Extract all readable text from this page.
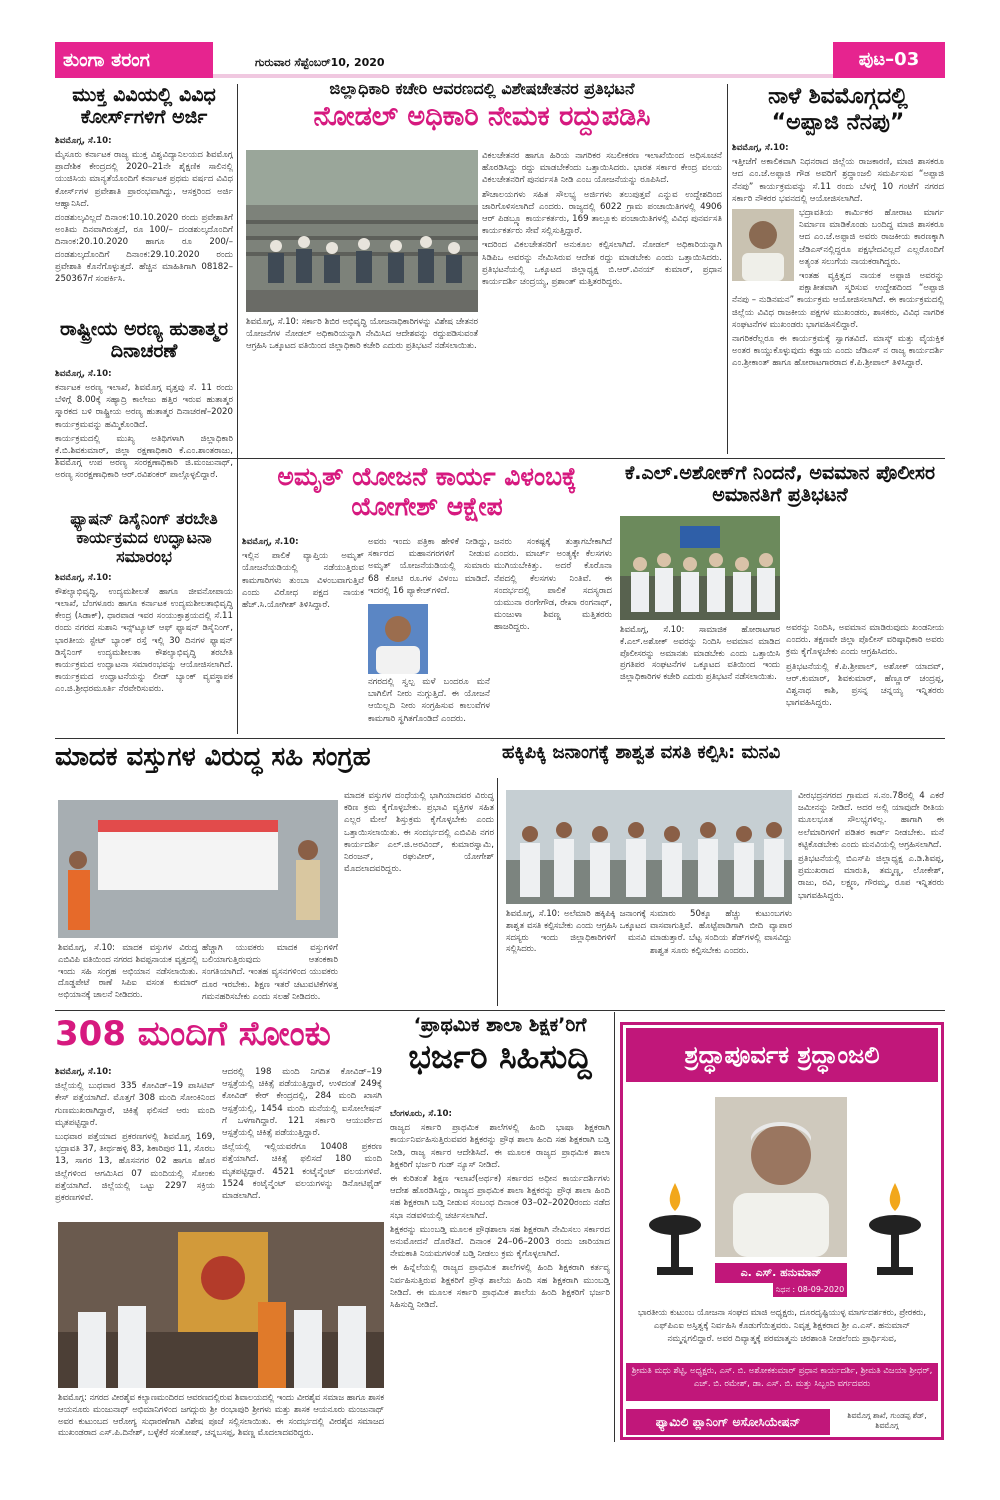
ತುಂಗಾ ತರಂಗ	ಗುರುವಾರ ಸೆಪ್ಟೆಂಬರ್10, 2020	ಪುಟ–03
ಮುಕ್ತ ವಿವಿಯಲ್ಲಿ ವಿವಿಧ ಕೋರ್ಸ್‌ಗಳಿಗೆ ಅರ್ಜಿ

ಶಿವಮೊಗ್ಗ, ಸೆ.10:

ಮೈಸೂರು ಕರ್ನಾಟಕ ರಾಜ್ಯ ಮುಕ್ತ ವಿಶ್ವವಿದ್ಯಾನಿಲಯದ ಶಿವಮೊಗ್ಗ ಪ್ರಾದೇಶಿಕ ಕೇಂದ್ರದಲ್ಲಿ 2020–21ನೇ ಶೈಕ್ಷಣಿಕ ಸಾಲಿನಲ್ಲಿ ಯುಜಿಸಿಯ ಮಾನ್ಯತೆಯೊಂದಿಗೆ ಕರ್ನಾಟಕ ಪ್ರಥಮ ವರ್ಷದ ವಿವಿಧ ಕೋರ್ಸ್‌ಗಳ ಪ್ರವೇಶಾತಿ ಪ್ರಾರಂಭವಾಗಿದ್ದು, ಆಸಕ್ತರಿಂದ ಅರ್ಜಿ ಆಹ್ವಾನಿಸಿದೆ.

ದಂಡಶುಲ್ಕವಿಲ್ಲದೆ ದಿನಾಂಕ:10.10.2020 ರಂದು ಪ್ರವೇಶಾತಿಗೆ ಅಂತಿಮ ದಿನವಾಗಿರುತ್ತದೆ, ರೂ 100/– ದಂಡಶುಲ್ಕದೊಂದಿಗೆ ದಿನಾಂಕ:20.10.2020 ಹಾಗೂ ರೂ 200/– ದಂಡಶುಲ್ಕದೊಂದಿಗೆ ದಿನಾಂಕ:29.10.2020 ರಂದು ಪ್ರವೇಶಾತಿ ಕೊನೆಗೊಳ್ಳುತ್ತದೆ. ಹೆಚ್ಚಿನ ಮಾಹಿತಿಗಾಗಿ 08182–250367ಗೆ ಸಂಪರ್ಕಿಸಿ.

ರಾಷ್ಟ್ರೀಯ ಅರಣ್ಯ ಹುತಾತ್ಮರ ದಿನಾಚರಣೆ

ಶಿವಮೊಗ್ಗ, ಸೆ.10:

ಕರ್ನಾಟಕ ಅರಣ್ಯ ಇಲಾಖೆ, ಶಿವಮೊಗ್ಗ ವೃತ್ತವು ಸೆ. 11 ರಂದು ಬೆಳಿಗ್ಗೆ 8.00ಕ್ಕೆ ಸಹ್ಯಾದ್ರಿ ಕಾಲೇಜು ಹತ್ತಿರ ಇರುವ ಹುತಾತ್ಮರ ಸ್ಮಾರಕದ ಬಳಿ ರಾಷ್ಟ್ರೀಯ ಅರಣ್ಯ ಹುತಾತ್ಮರ ದಿನಾಚರಣೆ–2020 ಕಾರ್ಯಕ್ರಮವನ್ನು ಹಮ್ಮಿಕೊಂಡಿದೆ.

ಕಾರ್ಯಕ್ರಮದಲ್ಲಿ ಮುಖ್ಯ ಅತಿಥಿಗಳಾಗಿ ಜಿಲ್ಲಾಧಿಕಾರಿ ಕೆ.ಬಿ.ಶಿವಕುಮಾರ್, ಜಿಲ್ಲಾ ರಕ್ಷಣಾಧಿಕಾರಿ ಕೆ.ಎಂ.ಶಾಂತರಾಜು, ಶಿವಮೊಗ್ಗ ಉಪ ಅರಣ್ಯ ಸಂರಕ್ಷಣಾಧಿಕಾರಿ ಜಿ.ಮಂಜುನಾಥ್, ಅರಣ್ಯ ಸಂರಕ್ಷಣಾಧಿಕಾರಿ ಆರ್.ರವಿಶಂಕರ್ ಪಾಲ್ಗೊಳ್ಳಲಿದ್ದಾರೆ.

ಫ್ಯಾಷನ್ ಡಿಸೈನಿಂಗ್ ತರಬೇತಿ ಕಾರ್ಯಕ್ರಮದ ಉದ್ಘಾಟನಾ ಸಮಾರಂಭ

ಶಿವಮೊಗ್ಗ, ಸೆ.10:

ಕೌಶಲ್ಯಾಭಿವೃದ್ಧಿ, ಉದ್ಯಮಶೀಲತೆ ಹಾಗೂ ಜೀವನೋಪಾಯ ಇಲಾಖೆ, ಬೆಂಗಳೂರು ಹಾಗೂ ಕರ್ನಾಟಕ ಉದ್ಯಮಶೀಲತಾಭಿವೃದ್ಧಿ ಕೇಂದ್ರ (ಸಿಡಾಕ್), ಧಾರವಾಡ ಇವರ ಸಂಯುಕ್ತಾಶ್ರಯದಲ್ಲಿ ಸೆ.11 ರಂದು ನಗರದ ಸುಶಾನಿ ಇನ್ಸ್‌ಟ್ಯೂಟ್ ಆಫ್ ಫ್ಯಾಷನ್ ಡಿಸೈನಿಂಗ್, ಭಾರತೀಯ ಸ್ಟೇಟ್ ಬ್ಯಾಂಕ್ ರಸ್ತೆ ಇಲ್ಲಿ 30 ದಿನಗಳ ಫ್ಯಾಷನ್ ಡಿಸೈನಿಂಗ್ ಉದ್ಯಮಶೀಲತಾ ಕೌಶಲ್ಯಾಭಿವೃದ್ಧಿ ತರಬೇತಿ ಕಾರ್ಯಕ್ರಮದ ಉದ್ಘಾಟನಾ ಸಮಾರಂಭವನ್ನು ಆಯೋಜಿಸಲಾಗಿದೆ. ಕಾರ್ಯಕ್ರಮದ ಉದ್ಘಾಟನೆಯನ್ನು ಲೀಡ್ ಬ್ಯಾಂಕ್ ವ್ಯವಸ್ಥಾಪಕ ಎಂ.ಜಿ.ಶ್ರೀಧರಮೂರ್ತಿ ನೆರವೇರಿಸುವರು.

ಜಿಲ್ಲಾಧಿಕಾರಿ ಕಚೇರಿ ಆವರಣದಲ್ಲಿ ವಿಶೇಷಚೇತನರ ಪ್ರತಿಭಟನೆ
ನೋಡಲ್ ಅಧಿಕಾರಿ ನೇಮಕ ರದ್ದುಪಡಿಸಿ
ಶಿವಮೊಗ್ಗ, ಸೆ.10: ಸರ್ಕಾರಿ ಶಿಬಿರ ಅಭಿವೃದ್ಧಿ ಯೋಜನಾಧಿಕಾರಿಗಳನ್ನು ವಿಶೇಷ ಚೇತನರ ಯೋಜನೆಗಳ ನೋಡಲ್ ಅಧಿಕಾರಿಯನ್ನಾಗಿ ನೇಮಿಸಿದ ಆದೇಶವನ್ನು ರದ್ದುಪಡಿಸುವಂತೆ ಆಗ್ರಹಿಸಿ ಒಕ್ಕೂಟದ ವತಿಯಿಂದ ಜಿಲ್ಲಾಧಿಕಾರಿ ಕಚೇರಿ ಎದುರು ಪ್ರತಿಭಟನೆ ನಡೆಸಲಾಯಿತು.

ವಿಕಲಚೇತನರ ಹಾಗೂ ಹಿರಿಯ ನಾಗರಿಕರ ಸಬಲೀಕರಣ ಇಲಾಖೆಯಿಂದ ಅಧಿಸೂಚನೆ ಹೊರಡಿಸಿದ್ದು ರದ್ದು ಮಾಡಬೇಕೆಂದು ಒತ್ತಾಯಿಸಿದರು. ಭಾರತ ಸರ್ಕಾರ ಕೇಂದ್ರ ವಲಯ ವಿಕಲಚೇತನರಿಗೆ ಪುನರ್ವಸತಿ ನೀಡಿ ಎಂಬ ಯೋಜನೆಯನ್ನು ರೂಪಿಸಿದೆ.

ಶೌಚಾಲಯಗಳು ಸಹಿತ ಸೌಲಭ್ಯ ಅರ್ಜಿಗಳು ತಲುಪುತ್ತವೆ ಎನ್ನುವ ಉದ್ದೇಶದಿಂದ ಜಾರಿಗೊಳಿಸಲಾಗಿದೆ ಎಂದರು. ರಾಜ್ಯದಲ್ಲಿ 6022 ಗ್ರಾಮ ಪಂಚಾಯಿತಿಗಳಲ್ಲಿ 4906 ಆರ್ ಪಿಡಬ್ಲ್ಯೂ ಕಾರ್ಯಕರ್ತರು, 169 ತಾಲ್ಲೂಕು ಪಂಚಾಯಿತಿಗಳಲ್ಲಿ ವಿವಿಧ ಪುನರ್ವಸತಿ ಕಾರ್ಯಕರ್ತರು ಸೇವೆ ಸಲ್ಲಿಸುತ್ತಿದ್ದಾರೆ.

ಇದರಿಂದ ವಿಕಲಚೇತನರಿಗೆ ಅನುಕೂಲ ಕಲ್ಪಿಸಲಾಗಿದೆ. ನೋಡಲ್ ಅಧಿಕಾರಿಯನ್ನಾಗಿ ಸಿಡಿಪಿಒ ಅವರನ್ನು ನೇಮಿಸಿರುವ ಆದೇಶ ರದ್ದು ಮಾಡಬೇಕು ಎಂದು ಒತ್ತಾಯಿಸಿದರು. ಪ್ರತಿಭಟನೆಯಲ್ಲಿ ಒಕ್ಕೂಟದ ಜಿಲ್ಲಾಧ್ಯಕ್ಷ ಬಿ.ಆರ್.ವಿನಯ್ ಕುಮಾರ್, ಪ್ರಧಾನ ಕಾರ್ಯದರ್ಶಿ ಚಂದ್ರಯ್ಯ, ಪ್ರಶಾಂತ್ ಮತ್ತಿತರರಿದ್ದರು.

ನಾಳೆ ಶಿವಮೊಗ್ಗದಲ್ಲಿ “ಅಪ್ಪಾಜಿ ನೆನಪು”

ಶಿವಮೊಗ್ಗ, ಸೆ.10:

ಇತ್ತೀಚೆಗೆ ಅಕಾಲಿಕವಾಗಿ ನಿಧನರಾದ ಜಿಲ್ಲೆಯ ರಾಜಕಾರಣಿ, ಮಾಜಿ ಶಾಸಕರೂ ಆದ ಎಂ.ಜೆ.ಅಪ್ಪಾಜಿ ಗೌಡ ಅವರಿಗೆ ಶ್ರದ್ಧಾಂಜಲಿ ಸಮರ್ಪಿಸುವ “ಅಪ್ಪಾಜಿ ನೆನಪು” ಕಾರ್ಯಕ್ರಮವನ್ನು ಸೆ.11 ರಂದು ಬೆಳಗ್ಗೆ 10 ಗಂಟೆಗೆ ನಗರದ ಸರ್ಕಾರಿ ನೌಕರರ ಭವನದಲ್ಲಿ ಆಯೋಜಿಸಲಾಗಿದೆ.

ಭದ್ರಾವತಿಯ ಕಾರ್ಮಿಕರ ಹೋರಾಟ ಮಾರ್ಗ ನಿರ್ಮಾಣ ಮಾಡಿಕೊಂಡು ಬಂದಿದ್ದ ಮಾಜಿ ಶಾಸಕರೂ ಆದ ಎಂ.ಜೆ.ಅಪ್ಪಾಜಿ ಅವರು ರಾಜಕೀಯ ಕಾರಣಕ್ಕಾಗಿ ಜೆಡಿಎಸ್‌ನಲ್ಲಿದ್ದರೂ ಪಕ್ಷಭೇದವಿಲ್ಲದೆ ಎಲ್ಲರೊಂದಿಗೆ ಅತ್ಯಂತ ಸಲುಗೆಯ ನಾಯಕರಾಗಿದ್ದರು.

ಇಂತಹ ವ್ಯಕ್ತಿತ್ವದ ನಾಯಕ ಅಪ್ಪಾಜಿ ಅವರನ್ನು ಪಕ್ಷಾತೀತವಾಗಿ ಸ್ಮರಿಸುವ ಉದ್ದೇಶದಿಂದ “ಅಪ್ಪಾಜಿ ನೆನಪು – ನುಡಿನಮನ” ಕಾರ್ಯಕ್ರಮ ಆಯೋಜಿಸಲಾಗಿದೆ. ಈ ಕಾರ್ಯಕ್ರಮದಲ್ಲಿ ಜಿಲ್ಲೆಯ ವಿವಿಧ ರಾಜಕೀಯ ಪಕ್ಷಗಳ ಮುಖಂಡರು, ಶಾಸಕರು, ವಿವಿಧ ನಾಗರಿಕ ಸಂಘಟನೆಗಳ ಮುಖಂಡರು ಭಾಗವಹಿಸಲಿದ್ದಾರೆ.

ನಾಗರಿಕರೆಲ್ಲರೂ ಈ ಕಾರ್ಯಕ್ರಮಕ್ಕೆ ಸ್ವಾಗತವಿದೆ. ಮಾಸ್ಕ್ ಮತ್ತು ವೈಯಕ್ತಿಕ ಅಂತರ ಕಾಯ್ದುಕೊಳ್ಳುವುದು ಕಡ್ಡಾಯ ಎಂದು ಜೆಡಿಎಸ್ ನ ರಾಜ್ಯ ಕಾರ್ಯದರ್ಶಿ ಎಂ.ಶ್ರೀಕಾಂತ್ ಹಾಗೂ ಹೋರಾಟಗಾರರಾದ ಕೆ.ಪಿ.ಶ್ರೀಪಾಲ್ ತಿಳಿಸಿದ್ದಾರೆ.

ಅಮೃತ್ ಯೋಜನೆ ಕಾರ್ಯ ವಿಳಂಬಕ್ಕೆ ಯೋಗೇಶ್ ಆಕ್ಷೇಪ

ಶಿವಮೊಗ್ಗ, ಸೆ.10:

ಇಲ್ಲಿನ ಪಾಲಿಕೆ ವ್ಯಾಪ್ತಿಯ ಅಮೃತ್ ಯೋಜನೆಯಡಿಯಲ್ಲಿ ನಡೆಯುತ್ತಿರುವ ಕಾಮಗಾರಿಗಳು ತುಂಬಾ ವಿಳಂಬವಾಗುತ್ತಿವೆ ಎಂದು ವಿರೋಧ ಪಕ್ಷದ ನಾಯಕ ಹೆಚ್.ಸಿ.ಯೋಗೀಶ್ ತಿಳಿಸಿದ್ದಾರೆ.

ಅವರು ಇಂದು ಪತ್ರಿಕಾ ಹೇಳಿಕೆ ನೀಡಿದ್ದು, ಸರ್ಕಾರದ ಮಹಾನಗರಗಳಿಗೆ ನೀಡುವ ಅಮೃತ್ ಯೋಜನೆಯಡಿಯಲ್ಲಿ ಸುಮಾರು 68 ಕೋಟಿ ರೂ.ಗಳ ವಿಳಂಬ ಮಾಡಿದೆ. ಇದರಲ್ಲಿ 16 ಪ್ಯಾಕೇಜ್‌ಗಳಿದೆ.

ನಗರದಲ್ಲಿ ಸ್ವಲ್ಪ ಮಳೆ ಬಂದರೂ ಮನೆ ಬಾಗಿಲಿಗೆ ನೀರು ನುಗ್ಗುತ್ತಿದೆ. ಈ ಯೋಜನೆ ಆಯಿಲ್ಲದಿ ನೀರು ಸಂಗ್ರಹಿಸುವ ಕಾಲುವೆಗಳ ಕಾಮಗಾರಿ ಸ್ಥಗಿತಗೊಂಡಿದೆ ಎಂದರು.

ಜನರು ಸಂಕಷ್ಟಕ್ಕೆ ತುತ್ತಾಗಬೇಕಾಗಿದೆ ಎಂದರು. ಮಾರ್ಚ್ ಅಂತ್ಯಕ್ಕೇ ಕೆಲಸಗಳು ಮುಗಿಯಬೇಕಿತ್ತು. ಅದರೆ ಕೊರೊನಾ ನೆಪದಲ್ಲಿ ಕೆಲಸಗಳು ನಿಂತಿವೆ. ಈ ಸಂದರ್ಭದಲ್ಲಿ ಪಾಲಿಕೆ ಸದಸ್ಯರಾದ ಯಮುನಾ ರಂಗೇಗೌಡ, ರೇಖಾ ರಂಗನಾಥ್, ಮಂಜುಳಾ ಶಿವಣ್ಣ ಮತ್ತಿತರರು ಹಾಜರಿದ್ದರು.

ಕೆ.ಎಲ್.ಅಶೋಕ್‌ಗೆ ನಿಂದನೆ, ಅವಮಾನ ಪೊಲೀಸರ ಅಮಾನತಿಗೆ ಪ್ರತಿಭಟನೆ
ಶಿವಮೊಗ್ಗ, ಸೆ.10: ಸಾಮಾಜಿಕ ಹೋರಾಟಗಾರ ಕೆ.ಎಲ್.ಅಶೋಕ್ ಅವರನ್ನು ನಿಂದಿಸಿ ಅವಮಾನ ಮಾಡಿದ ಪೊಲೀಸರನ್ನು ಅಮಾನತು ಮಾಡಬೇಕು ಎಂದು ಒತ್ತಾಯಿಸಿ ಪ್ರಗತಿಪರ ಸಂಘಟನೆಗಳ ಒಕ್ಕೂಟದ ವತಿಯಿಂದ ಇಂದು ಜಿಲ್ಲಾಧಿಕಾರಿಗಳ ಕಚೇರಿ ಎದುರು ಪ್ರತಿಭಟನೆ ನಡೆಸಲಾಯಿತು.

ಅವರನ್ನು ನಿಂದಿಸಿ, ಅವಮಾನ ಮಾಡಿರುವುದು ಖಂಡನೀಯ ಎಂದರು. ತಕ್ಷಣವೇ ಜಿಲ್ಲಾ ಪೊಲೀಸ್ ವರಿಷ್ಠಾಧಿಕಾರಿ ಅವರು ಕ್ರಮ ಕೈಗೊಳ್ಳಬೇಕು ಎಂದು ಆಗ್ರಹಿಸಿದರು.

ಪ್ರತಿಭಟನೆಯಲ್ಲಿ ಕೆ.ಪಿ.ಶ್ರೀಪಾಲ್, ಅಶೋಕ್ ಯಾದವ್, ಆರ್.ಕುಮಾರ್, ಶಿವಕುಮಾರ್, ಹೆಣ್ಣೂರ್ ಚಂದ್ರಪ್ಪ, ವಿಶ್ವನಾಥ ಕಾಶಿ, ಪ್ರಸನ್ನ ಚನ್ನಯ್ಯ ಇನ್ನಿತರರು ಭಾಗವಹಿಸಿದ್ದರು.

ಮಾದಕ ವಸ್ತುಗಳ ವಿರುದ್ಧ ಸಹಿ ಸಂಗ್ರಹ
ಶಿವಮೊಗ್ಗ, ಸೆ.10: ಮಾದಕ ವಸ್ತುಗಳ ವಿರುದ್ಧ ಎಬಿವಿಪಿ ವತಿಯಿಂದ ನಗರದ ಶಿವಪ್ಪನಾಯಕ ವೃತ್ತದಲ್ಲಿ ಇಂದು ಸಹಿ ಸಂಗ್ರಹ ಅಭಿಯಾನ ನಡೆಸಲಾಯಿತು. ದೊಡ್ಡಪೇಟೆ ಠಾಣೆ ಸಿಪಿಐ ವಸಂತ ಕುಮಾರ್ ಅಭಿಯಾನಕ್ಕೆ ಚಾಲನೆ ನೀಡಿದರು.

ಹೆಚ್ಚಾಗಿ ಯುವಕರು ಮಾದಕ ವಸ್ತುಗಳಿಗೆ ಬಲಿಯಾಗುತ್ತಿರುವುದು ಆತಂಕಕಾರಿ ಸಂಗತಿಯಾಗಿದೆ. ಇಂತಹ ವ್ಯಸನಗಳಿಂದ ಯುವಕರು ದೂರ ಇರಬೇಕು. ಶಿಕ್ಷಣ ಇತರೆ ಚಟುವಟಿಕೆಗಳತ್ತ ಗಮನಹರಿಸಬೇಕು ಎಂದು ಸಲಹೆ ನೀಡಿದರು.

ಮಾದಕ ವಸ್ತುಗಳ ದಂಧೆಯಲ್ಲಿ ಭಾಗಿಯಾದವರ ವಿರುದ್ಧ ಕಠಿಣ ಕ್ರಮ ಕೈಗೊಳ್ಳಬೇಕು. ಪ್ರಭಾವಿ ವ್ಯಕ್ತಿಗಳ ಸಹಿತ ಎಲ್ಲರ ಮೇಲೆ ಶಿಸ್ತುಕ್ರಮ ಕೈಗೊಳ್ಳಬೇಕು ಎಂದು ಒತ್ತಾಯಿಸಲಾಯಿತು. ಈ ಸಂದರ್ಭದಲ್ಲಿ ಎಬಿವಿಪಿ ನಗರ ಕಾರ್ಯದರ್ಶಿ ಎಲ್.ಜಿ.ಅರವಿಂದ್, ಕುಮಾರಸ್ವಾಮಿ, ನಿರಂಜನ್, ರಘುವೀರ್, ಯೋಗೇಶ್ ಮೊದಲಾದವರಿದ್ದರು.

ಹಕ್ಕಿಪಿಕ್ಕಿ ಜನಾಂಗಕ್ಕೆ ಶಾಶ್ವತ ವಸತಿ ಕಲ್ಪಿಸಿ: ಮನವಿ
ಶಿವಮೊಗ್ಗ, ಸೆ.10: ಅಲೆಮಾರಿ ಹಕ್ಕಿಪಿಕ್ಕಿ ಜನಾಂಗಕ್ಕೆ ಶಾಶ್ವತ ವಸತಿ ಕಲ್ಪಿಸಬೇಕು ಎಂದು ಆಗ್ರಹಿಸಿ ಒಕ್ಕೂಟದ ಸದಸ್ಯರು ಇಂದು ಜಿಲ್ಲಾಧಿಕಾರಿಗಳಿಗೆ ಮನವಿ ಸಲ್ಲಿಸಿದರು.

ಸುಮಾರು 50ಕ್ಕೂ ಹೆಚ್ಚು ಕುಟುಂಬಗಳು ವಾಸವಾಗುತ್ತಿವೆ. ಹೊಟ್ಟೆಪಾಡಿಗಾಗಿ ಬೀದಿ ವ್ಯಾಪಾರ ಮಾಡುತ್ತಾರೆ. ಬೆಟ್ಟ ಸಂದಿಯ ಶೆಡ್‌ಗಳಲ್ಲಿ ವಾಸವಿದ್ದು ಶಾಶ್ವತ ಸೂರು ಕಲ್ಪಿಸಬೇಕು ಎಂದರು.

ವೀರಭದ್ರನಗರದ ಗ್ರಾಮದ ಸ.ನಂ.78ರಲ್ಲಿ 4 ಎಕರೆ ಜಮೀನನ್ನು ನೀಡಿದೆ. ಅದರ ಅಲ್ಲಿ ಯಾವುದೇ ರೀತಿಯ ಮೂಲಭೂತ ಸೌಲಭ್ಯಗಳಿಲ್ಲ. ಹಾಗಾಗಿ ಈ ಅಲೆಮಾರಿಗಳಿಗೆ ಪಡಿತರ ಕಾರ್ಡ್ ನೀಡಬೇಕು. ಮನೆ ಕಟ್ಟಿಕೊಡಬೇಕು ಎಂದು ಮನವಿಯಲ್ಲಿ ಆಗ್ರಹಿಸಲಾಗಿದೆ.

ಪ್ರತಿಭಟನೆಯಲ್ಲಿ ಬಿಎಸ್‌ಪಿ ಜಿಲ್ಲಾಧ್ಯಕ್ಷ ಎ.ಡಿ.ಶಿವಪ್ಪ, ಪ್ರಮುಖರಾದ ಮಾರುತಿ, ತಮ್ಮಣ್ಣ, ಲೋಕೇಶ್, ರಾಜು, ರವಿ, ಲಕ್ಷ್ಮಣ, ಗೌರಮ್ಮ, ರೂಪ ಇನ್ನಿತರರು ಭಾಗವಹಿಸಿದ್ದರು.

308 ಮಂದಿಗೆ ಸೋಂಕು

ಶಿವಮೊಗ್ಗ, ಸೆ.10:

ಜಿಲ್ಲೆಯಲ್ಲಿ ಬುಧವಾರ 335 ಕೋವಿಡ್–19 ಪಾಸಿಟಿವ್ ಕೇಸ್ ಪತ್ತೆಯಾಗಿದೆ. ಮೊತ್ತಗೆ 308 ಮಂದಿ ಸೋಂಕಿನಿಂದ ಗುಣಮುಖರಾಗಿದ್ದಾರೆ, ಚಿಕಿತ್ಸೆ ಫಲಿಸದೆ ಆರು ಮಂದಿ ಮೃತಪಟ್ಟಿದ್ದಾರೆ.

ಬುಧವಾರ ಪತ್ತೆಯಾದ ಪ್ರಕರಣಗಳಲ್ಲಿ ಶಿವಮೊಗ್ಗ 169, ಭದ್ರಾವತಿ 37, ತೀರ್ಥಹಳ್ಳಿ 83, ಶಿಕಾರಿಪುರ 11, ಸೊರಬ 13, ಸಾಗರ 13, ಹೊಸನಗರ 02 ಹಾಗೂ ಹೊರ ಜಿಲ್ಲೆಗಳಿಂದ ಆಗಮಿಸಿದ 07 ಮಂದಿಯಲ್ಲಿ ಸೋಂಕು ಪತ್ತೆಯಾಗಿದೆ. ಜಿಲ್ಲೆಯಲ್ಲಿ ಒಟ್ಟು 2297 ಸಕ್ರಿಯ ಪ್ರಕರಣಗಳಿವೆ.

ಆದರಲ್ಲಿ 198 ಮಂದಿ ನಿಗದಿತ ಕೋವಿಡ್–19 ಆಸ್ಪತ್ರೆಯಲ್ಲಿ ಚಿಕಿತ್ಸೆ ಪಡೆಯುತ್ತಿದ್ದಾರೆ, ಉಳಿದಂತೆ 249ಕ್ಕೆ ಕೋವಿಡ್ ಕೇರ್ ಕೇಂದ್ರದಲ್ಲಿ, 284 ಮಂದಿ ಖಾಸಗಿ ಆಸ್ಪತ್ರೆಯಲ್ಲಿ, 1454 ಮಂದಿ ಮನೆಯಲ್ಲಿ ಐಸೋಲೇಷನ್ ಗೆ ಒಳಗಾಗಿದ್ದಾರೆ. 121 ಸರ್ಕಾರಿ ಆಯುರ್ವೇದ ಆಸ್ಪತ್ರೆಯಲ್ಲಿ ಚಿಕಿತ್ಸೆ ಪಡೆಯುತ್ತಿದ್ದಾರೆ.

ಜಿಲ್ಲೆಯಲ್ಲಿ ಇಲ್ಲಿಯವರೆಗೂ 10408 ಪ್ರಕರಣ ಪತ್ತೆಯಾಗಿದೆ. ಚಿಕಿತ್ಸೆ ಫಲಿಸದೆ 180 ಮಂದಿ ಮೃತಪಟ್ಟಿದ್ದಾರೆ. 4521 ಕಂಟೈನ್ಮೆಂಟ್ ವಲಯಗಳಿವೆ. 1524 ಕಂಟೈನ್ಮೆಂಟ್ ವಲಯಗಳನ್ನು ಡಿನೋಟಿಫೈಡ್ ಮಾಡಲಾಗಿದೆ.

ಶಿವಮೊಗ್ಗ: ನಗರದ ವೀರಶೈವ ಕಲ್ಯಾಣಮಂದಿರದ ಆವರಣದಲ್ಲಿರುವ ಶಿವಾಲಯದಲ್ಲಿ ಇಂದು ವೀರಶೈವ ಸಮಾಜ ಹಾಗೂ ಶಾಸಕ ಆಯನೂರು ಮಂಜುನಾಥ್ ಅಭಿಮಾನಿಗಳಿಂದ ಜಗದ್ಗುರು ಶ್ರೀ ರಂಭಾಪುರಿ ಶ್ರೀಗಳು ಮತ್ತು ಶಾಸಕ ಆಯನೂರು ಮಂಜುನಾಥ್ ಅವರ ಕುಟುಂಬದ ಆರೋಗ್ಯ ಸುಧಾರಣೆಗಾಗಿ ವಿಶೇಷ ಪೂಜೆ ಸಲ್ಲಿಸಲಾಯಿತು. ಈ ಸಂದರ್ಭದಲ್ಲಿ ವೀರಶೈವ ಸಮಾಜದ ಮುಖಂಡರಾದ ಎಸ್.ಪಿ.ದಿನೇಶ್, ಬಳ್ಳೆಕೆರೆ ಸಂತೋಷ್, ಚನ್ನಬಸಪ್ಪ, ಶಿವಣ್ಣ ಮೊದಲಾದವರಿದ್ದರು.
‘ಪ್ರಾಥಮಿಕ ಶಾಲಾ ಶಿಕ್ಷಕ’ರಿಗೆ
ಭರ್ಜರಿ ಸಿಹಿಸುದ್ದಿ

ಬೆಂಗಳೂರು, ಸೆ.10:

ರಾಜ್ಯದ ಸರ್ಕಾರಿ ಪ್ರಾಥಮಿಕ ಶಾಲೆಗಳಲ್ಲಿ ಹಿಂದಿ ಭಾಷಾ ಶಿಕ್ಷಕರಾಗಿ ಕಾರ್ಯನಿರ್ವಹಿಸುತ್ತಿರುವವರ ಶಿಕ್ಷಕರನ್ನು ಪ್ರೌಢ ಶಾಲಾ ಹಿಂದಿ ಸಹ ಶಿಕ್ಷಕರಾಗಿ ಬಡ್ತಿ ನೀಡಿ, ರಾಜ್ಯ ಸರ್ಕಾರ ಆದೇಶಿಸಿದೆ. ಈ ಮೂಲಕ ರಾಜ್ಯದ ಪ್ರಾಥಮಿಕ ಶಾಲಾ ಶಿಕ್ಷಕರಿಗೆ ಭರ್ಜರಿ ಗುಡ್ ನ್ಯೂಸ್ ನೀಡಿದೆ.

ಈ ಕುರಿತಂತೆ ಶಿಕ್ಷಣ ಇಲಾಖೆ(ಅರ್ಥಕ) ಸರ್ಕಾರದ ಅಧೀನ ಕಾರ್ಯದರ್ಶಿಗಳು ಆದೇಶ ಹೊರಡಿಸಿದ್ದು, ರಾಜ್ಯದ ಪ್ರಾಥಮಿಕ ಶಾಲಾ ಶಿಕ್ಷಕರನ್ನು ಪ್ರೌಢ ಶಾಲಾ ಹಿಂದಿ ಸಹ ಶಿಕ್ಷಕರಾಗಿ ಬಡ್ತಿ ನೀಡುವ ಸಂಬಂಧ ದಿನಾಂಕ 03–02–2020ರಂದು ನಡೆದ ಸಭಾ ನಡವಳಿಯಲ್ಲಿ ಚರ್ಚಿಸಲಾಗಿದೆ.

ಶಿಕ್ಷಕರನ್ನು ಮುಂಬಡ್ತಿ ಮೂಲಕ ಪ್ರೌಢಶಾಲಾ ಸಹ ಶಿಕ್ಷಕರಾಗಿ ನೇಮಿಸಲು ಸರ್ಕಾರದ ಅನುಮೋದನೆ ದೊರೆತಿದೆ. ದಿನಾಂಕ 24–06–2003 ರಂದು ಜಾರಿಯಾದ ನೇಮಕಾತಿ ನಿಯಮಗಳಂತೆ ಬಡ್ತಿ ನೀಡಲು ಕ್ರಮ ಕೈಗೊಳ್ಳಲಾಗಿದೆ.

ಈ ಹಿನ್ನೆಲೆಯಲ್ಲಿ ರಾಜ್ಯದ ಪ್ರಾಥಮಿಕ ಶಾಲೆಗಳಲ್ಲಿ ಹಿಂದಿ ಶಿಕ್ಷಕರಾಗಿ ಕರ್ತವ್ಯ ನಿರ್ವಹಿಸುತ್ತಿರುವ ಶಿಕ್ಷಕರಿಗೆ ಪ್ರೌಢ ಶಾಲೆಯ ಹಿಂದಿ ಸಹ ಶಿಕ್ಷಕರಾಗಿ ಮುಂಬಡ್ತಿ ನೀಡಿದೆ. ಈ ಮೂಲಕ ಸರ್ಕಾರಿ ಪ್ರಾಥಮಿಕ ಶಾಲೆಯ ಹಿಂದಿ ಶಿಕ್ಷಕರಿಗೆ ಭರ್ಜರಿ ಸಿಹಿಸುದ್ದಿ ನೀಡಿದೆ.

ಶ್ರದ್ಧಾಪೂರ್ವಕ ಶ್ರದ್ಧಾಂಜಲಿ
ಎ. ಎಸ್. ಹನುಮಾನ್
ನಿಧನ : 08-09-2020
ಭಾರತೀಯ ಕುಟುಂಬ ಯೋಜನಾ ಸಂಘದ ಮಾಜಿ ಅಧ್ಯಕ್ಷರು, ದೂರದೃಷ್ಟಿಯುಳ್ಳ ಮಾರ್ಗದರ್ಶಕರು, ಪ್ರೇರಕರು, ಎಫ್‌ಪಿಎಐ ಅಸ್ತಿತ್ವಕ್ಕೆ ನಿರ್ವಹಿಸಿ ಕೊಡುಗೆಯಿತ್ತವರು. ನಿವೃತ್ತ ಶಿಕ್ಷಕರಾದ ಶ್ರೀ ಎ.ಎಸ್. ಹನುಮಾನ್ ನಮ್ಮನ್ನಗಲಿದ್ದಾರೆ. ಅವರ ದಿವ್ಯಾತ್ಮಕ್ಕೆ ಪರಮಾತ್ಮನು ಚಿರಶಾಂತಿ ನೀಡಲೆಂದು ಪ್ರಾರ್ಥಿಸುವ,
ಶ್ರೀಮತಿ ಮಧು ಶೆಟ್ಟಿ, ಅಧ್ಯಕ್ಷರು, ಎಸ್. ಬಿ. ಅಶೋಕಕುಮಾರ್ ಪ್ರಧಾನ ಕಾರ್ಯದರ್ಶಿ, ಶ್ರೀಮತಿ ವಿಜಯಾ ಶ್ರೀಧರ್, ಎಚ್. ಬಿ. ರಮೇಶ್, ಡಾ. ಎಸ್. ಬಿ. ಮತ್ತು ಸಿಬ್ಬಂದಿ ವರ್ಗದವರು
ಫ್ಯಾಮಿಲಿ ಪ್ಲಾನಿಂಗ್ ಅಸೋಸಿಯೇಷನ್	ಶಿವಮೊಗ್ಗ ಶಾಖೆ, ಗುಂಡಪ್ಪ ಶೆಡ್, ಶಿವಮೊಗ್ಗ
